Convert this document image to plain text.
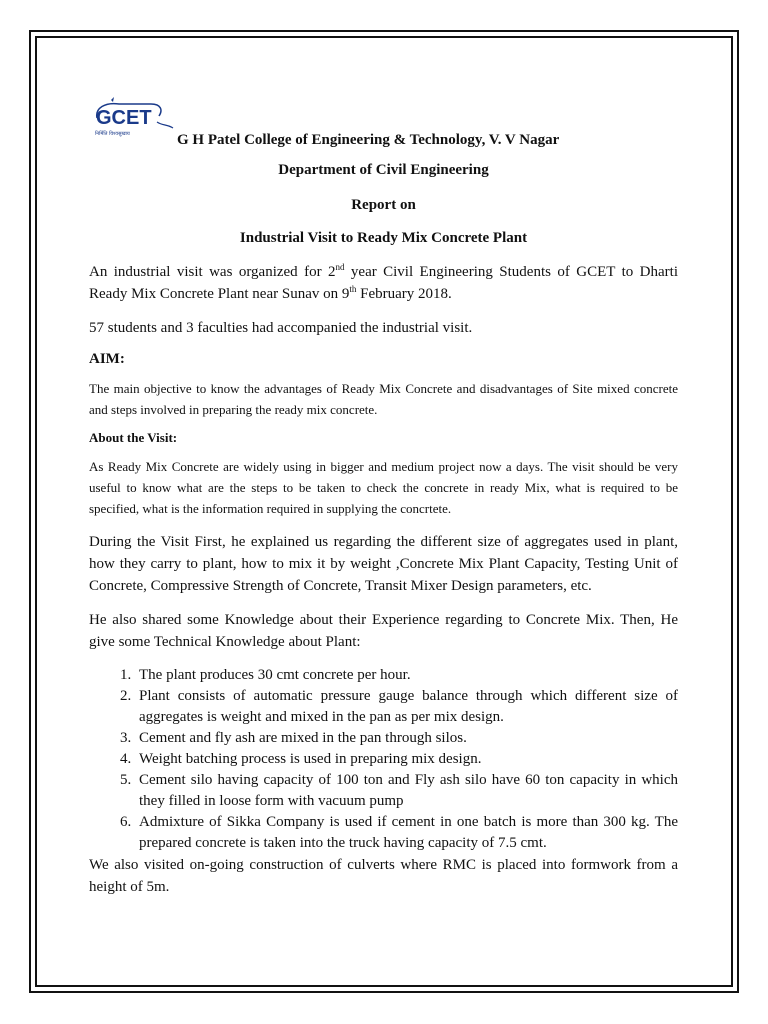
GCET
निर्मिति विश्वसुखाय	G H Patel College of Engineering & Technology, V. V Nagar
Department of Civil Engineering
Report on
Industrial Visit to Ready Mix Concrete Plant

An industrial visit was organized for 2nd year Civil Engineering Students of GCET to Dharti Ready Mix Concrete Plant near Sunav on 9th February 2018.

57 students and 3 faculties had accompanied the industrial visit.

AIM:

The main objective to know the advantages of Ready Mix Concrete and disadvantages of Site mixed concrete and steps involved in preparing the ready mix concrete.

About the Visit:

As Ready Mix Concrete are widely using in bigger and medium project now a days. The visit should be very useful to know what are the steps to be taken to check the concrete in ready Mix, what is required to be specified, what is the information required in supplying the concrtete.

During the Visit First, he explained us regarding the different size of aggregates used in plant, how they carry to plant, how to mix it by weight ,Concrete Mix Plant Capacity, Testing Unit of Concrete, Compressive Strength of Concrete, Transit Mixer Design parameters, etc.

He also shared some Knowledge about their Experience regarding to Concrete Mix. Then, He give some Technical Knowledge about Plant:

1. The plant produces 30 cmt concrete per hour.
2. Plant consists of automatic pressure gauge balance through which different size of aggregates is weight and mixed in the pan as per mix design.
3. Cement and fly ash are mixed in the pan through silos.
4. Weight batching process is used in preparing mix design.
5. Cement silo having capacity of 100 ton and Fly ash silo have 60 ton capacity in which they filled in loose form with vacuum pump
6. Admixture of Sikka Company is used if cement in one batch is more than 300 kg. The prepared concrete is taken into the truck having capacity of 7.5 cmt.

We also visited on-going construction of culverts where RMC is placed into formwork from a height of 5m.
